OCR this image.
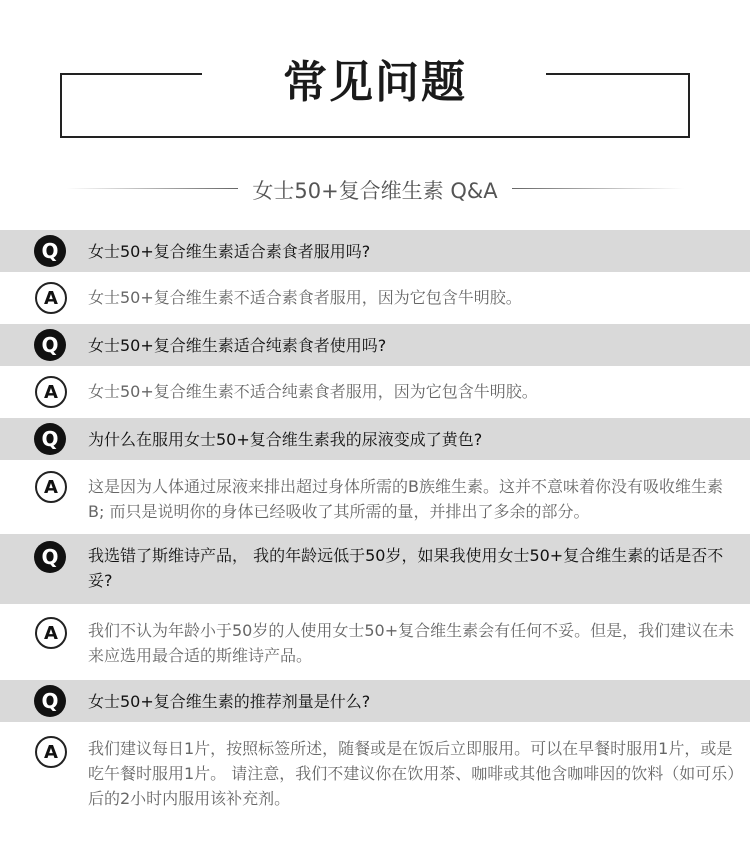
常见问题
女士50+复合维生素 Q&A
Q	女士50+复合维生素适合素食者服用吗?
A	女士50+复合维生素不适合素食者服用，因为它包含牛明胶。
Q	女士50+复合维生素适合纯素食者使用吗?
A	女士50+复合维生素不适合纯素食者服用，因为它包含牛明胶。
Q	为什么在服用女士50+复合维生素我的尿液变成了黄色?
A	这是因为人体通过尿液来排出超过身体所需的B族维生素。这并不意味着你没有吸收维生素B; 而只是说明你的身体已经吸收了其所需的量，并排出了多余的部分。
Q	我选错了斯维诗产品， 我的年龄远低于50岁，如果我使用女士50+复合维生素的话是否不妥?
A	我们不认为年龄小于50岁的人使用女士50+复合维生素会有任何不妥。但是，我们建议在未来应选用最合适的斯维诗产品。
Q	女士50+复合维生素的推荐剂量是什么?
A	我们建议每日1片，按照标签所述，随餐或是在饭后立即服用。可以在早餐时服用1片，或是吃午餐时服用1片。 请注意，我们不建议你在饮用茶、咖啡或其他含咖啡因的饮料（如可乐）后的2小时内服用该补充剂。
